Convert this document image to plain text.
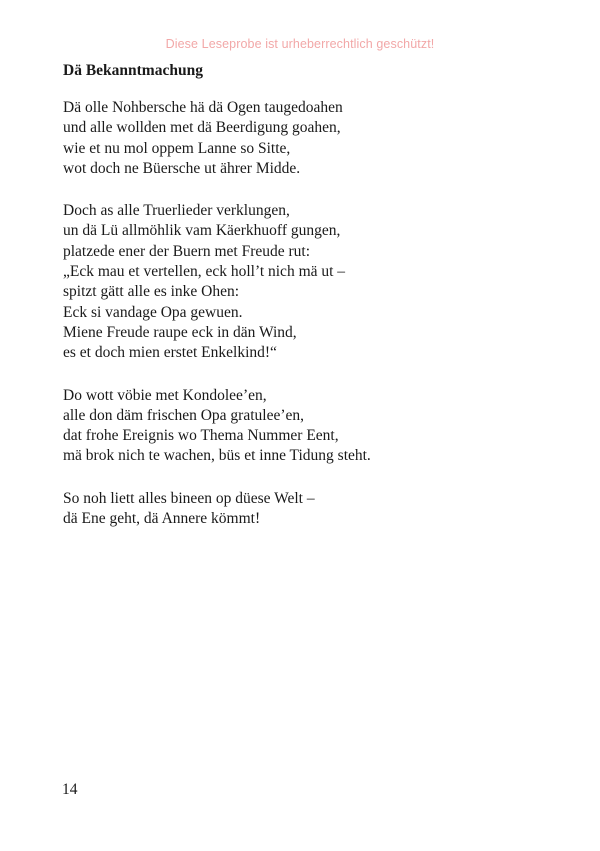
Diese Leseprobe ist urheberrechtlich geschützt!
Dä Bekanntmachung

Dä olle Nohbersche hä dä Ogen taugedoahen
und alle wollden met dä Beerdigung goahen,
wie et nu mol oppem Lanne so Sitte,
wot doch ne Büersche ut ährer Midde.

Doch as alle Truerlieder verklungen,
un dä Lü allmöhlik vam Käerkhuoff gungen,
platzede ener der Buern met Freude rut:
„Eck mau et vertellen, eck holl’t nich mä ut –
spitzt gätt alle es inke Ohen:
Eck si vandage Opa gewuen.
Miene Freude raupe eck in dän Wind,
es et doch mien erstet Enkelkind!“

Do wott vöbie met Kondolee’en,
alle don däm frischen Opa gratulee’en,
dat frohe Ereignis wo Thema Nummer Eent,
mä brok nich te wachen, büs et inne Tidung steht.

So noh liett alles bineen op düese Welt –
dä Ene geht, dä Annere kömmt!

14
